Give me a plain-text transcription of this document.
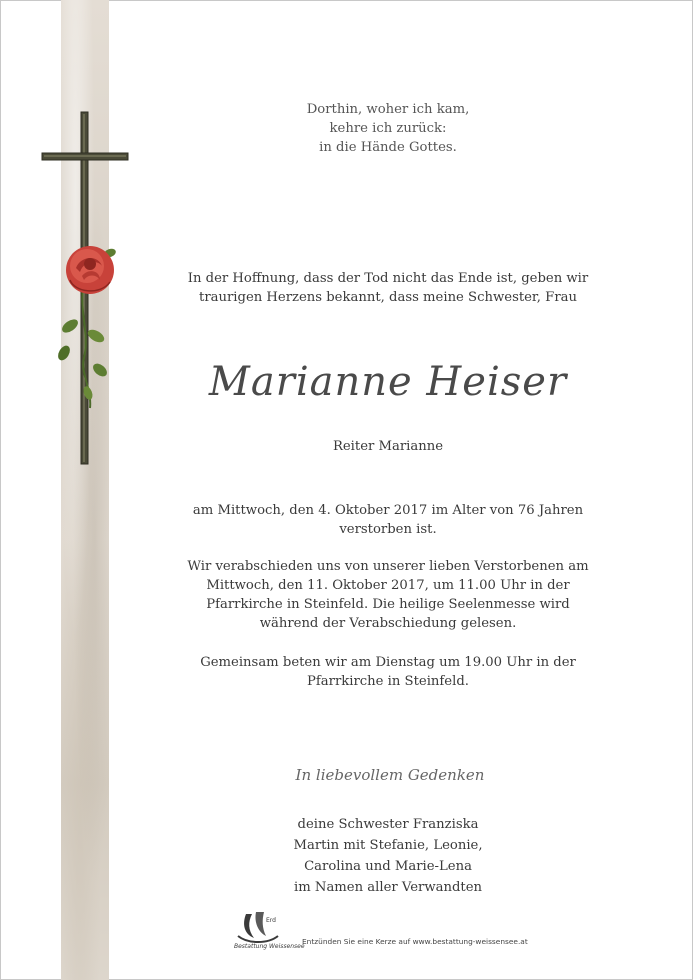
Dorthin, woher ich kam,

kehre ich zurück:

in die Hände Gottes.

In der Hoffnung, dass der Tod nicht das Ende ist, geben wir

traurigen Herzens bekannt, dass meine Schwester, Frau

Marianne Heiser

Reiter Marianne

am Mittwoch, den 4. Oktober 2017 im Alter von 76 Jahren

verstorben ist.

Wir verabschieden uns von unserer lieben Verstorbenen am

Mittwoch, den 11. Oktober 2017, um 11.00 Uhr in der

Pfarrkirche in Steinfeld. Die heilige Seelenmesse wird

während der Verabschiedung gelesen.

Gemeinsam beten wir am Dienstag um 19.00 Uhr in der

Pfarrkirche in Steinfeld.

In liebevollem Gedenken

deine Schwester Franziska

Martin mit Stefanie, Leonie,

Carolina und Marie-Lena

im Namen aller Verwandten

Erd
Bestattung Weissensee
Entzünden Sie eine Kerze auf www.bestattung-weissensee.at
